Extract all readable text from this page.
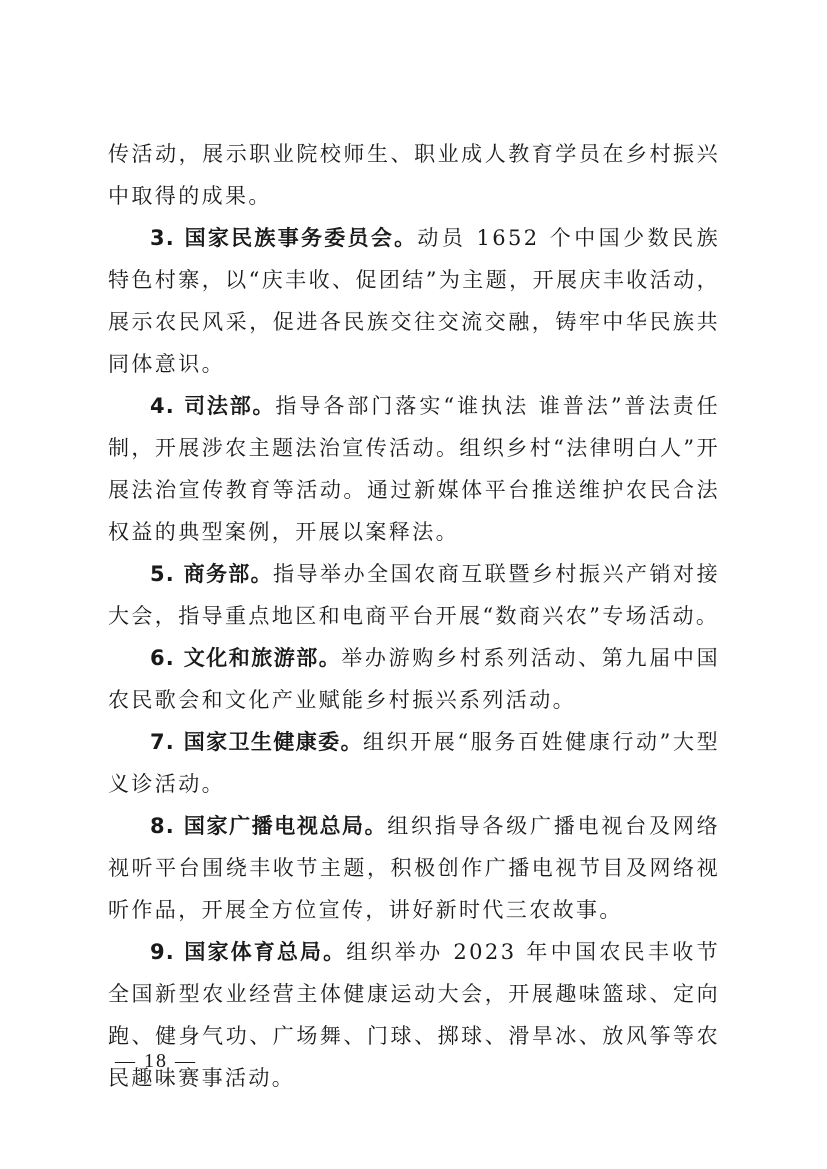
传活动，展示职业院校师生、职业成人教育学员在乡村振兴中取得的成果。

3. 国家民族事务委员会。动员 1652 个中国少数民族特色村寨，以“庆丰收、促团结”为主题，开展庆丰收活动，展示农民风采，促进各民族交往交流交融，铸牢中华民族共同体意识。

4. 司法部。指导各部门落实“谁执法 谁普法”普法责任制，开展涉农主题法治宣传活动。组织乡村“法律明白人”开展法治宣传教育等活动。通过新媒体平台推送维护农民合法权益的典型案例，开展以案释法。

5. 商务部。指导举办全国农商互联暨乡村振兴产销对接大会，指导重点地区和电商平台开展“数商兴农”专场活动。

6. 文化和旅游部。举办游购乡村系列活动、第九届中国农民歌会和文化产业赋能乡村振兴系列活动。

7. 国家卫生健康委。组织开展“服务百姓健康行动”大型义诊活动。

8. 国家广播电视总局。组织指导各级广播电视台及网络视听平台围绕丰收节主题，积极创作广播电视节目及网络视听作品，开展全方位宣传，讲好新时代三农故事。

9. 国家体育总局。组织举办 2023 年中国农民丰收节全国新型农业经营主体健康运动大会，开展趣味篮球、定向跑、健身气功、广场舞、门球、掷球、滑旱冰、放风筝等农民趣味赛事活动。

— 18 —
